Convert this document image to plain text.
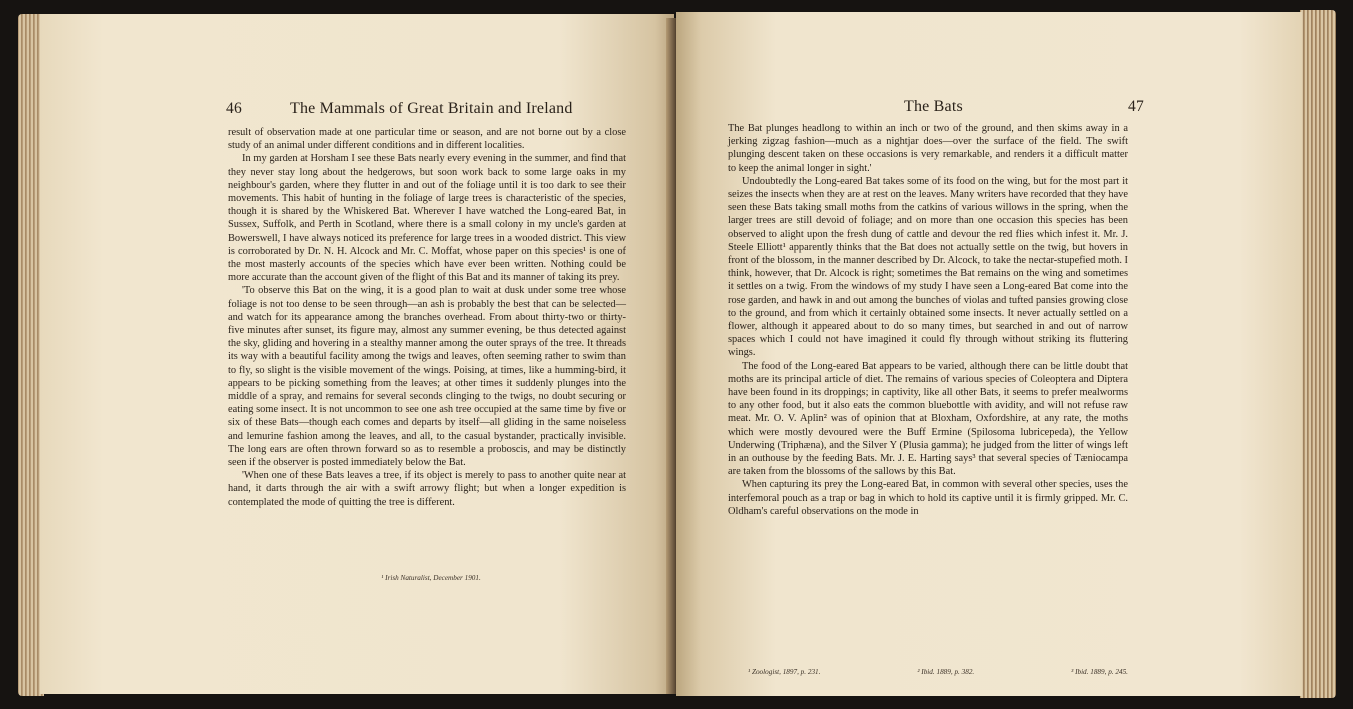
46	The Mammals of Great Britain and Ireland

result of observation made at one particular time or season, and are not borne out by a close study of an animal under different conditions and in different localities.

In my garden at Horsham I see these Bats nearly every evening in the summer, and find that they never stay long about the hedgerows, but soon work back to some large oaks in my neighbour's garden, where they flutter in and out of the foliage until it is too dark to see their movements. This habit of hunting in the foliage of large trees is characteristic of the species, though it is shared by the Whiskered Bat. Wherever I have watched the Long-eared Bat, in Sussex, Suffolk, and Perth in Scotland, where there is a small colony in my uncle's garden at Bowerswell, I have always noticed its preference for large trees in a wooded district. This view is corroborated by Dr. N. H. Alcock and Mr. C. Moffat, whose paper on this species¹ is one of the most masterly accounts of the species which have ever been written. Nothing could be more accurate than the account given of the flight of this Bat and its manner of taking its prey.

'To observe this Bat on the wing, it is a good plan to wait at dusk under some tree whose foliage is not too dense to be seen through—an ash is probably the best that can be selected—and watch for its appearance among the branches overhead. From about thirty-two or thirty-five minutes after sunset, its figure may, almost any summer evening, be thus detected against the sky, gliding and hovering in a stealthy manner among the outer sprays of the tree. It threads its way with a beautiful facility among the twigs and leaves, often seeming rather to swim than to fly, so slight is the visible movement of the wings. Poising, at times, like a humming-bird, it appears to be picking something from the leaves; at other times it suddenly plunges into the middle of a spray, and remains for several seconds clinging to the twigs, no doubt securing or eating some insect. It is not uncommon to see one ash tree occupied at the same time by five or six of these Bats—though each comes and departs by itself—all gliding in the same noiseless and lemurine fashion among the leaves, and all, to the casual bystander, practically invisible. The long ears are often thrown forward so as to resemble a proboscis, and may be distinctly seen if the observer is posted immediately below the Bat.

'When one of these Bats leaves a tree, if its object is merely to pass to another quite near at hand, it darts through the air with a swift arrowy flight; but when a longer expedition is contemplated the mode of quitting the tree is different.

¹ Irish Naturalist, December 1901.
The Bats	47

The Bat plunges headlong to within an inch or two of the ground, and then skims away in a jerking zigzag fashion—much as a nightjar does—over the surface of the field. The swift plunging descent taken on these occasions is very remarkable, and renders it a difficult matter to keep the animal longer in sight.'

Undoubtedly the Long-eared Bat takes some of its food on the wing, but for the most part it seizes the insects when they are at rest on the leaves. Many writers have recorded that they have seen these Bats taking small moths from the catkins of various willows in the spring, when the larger trees are still devoid of foliage; and on more than one occasion this species has been observed to alight upon the fresh dung of cattle and devour the red flies which infest it. Mr. J. Steele Elliott¹ apparently thinks that the Bat does not actually settle on the twig, but hovers in front of the blossom, in the manner described by Dr. Alcock, to take the nectar-stupefied moth. I think, however, that Dr. Alcock is right; sometimes the Bat remains on the wing and sometimes it settles on a twig. From the windows of my study I have seen a Long-eared Bat come into the rose garden, and hawk in and out among the bunches of violas and tufted pansies growing close to the ground, and from which it certainly obtained some insects. It never actually settled on a flower, although it appeared about to do so many times, but searched in and out of narrow spaces which I could not have imagined it could fly through without striking its fluttering wings.

The food of the Long-eared Bat appears to be varied, although there can be little doubt that moths are its principal article of diet. The remains of various species of Coleoptera and Diptera have been found in its droppings; in captivity, like all other Bats, it seems to prefer mealworms to any other food, but it also eats the common bluebottle with avidity, and will not refuse raw meat. Mr. O. V. Aplin² was of opinion that at Bloxham, Oxfordshire, at any rate, the moths which were mostly devoured were the Buff Ermine (Spilosoma lubricepeda), the Yellow Underwing (Triphæna), and the Silver Y (Plusia gamma); he judged from the litter of wings left in an outhouse by the feeding Bats. Mr. J. E. Harting says³ that several species of Tæniocampa are taken from the blossoms of the sallows by this Bat.

When capturing its prey the Long-eared Bat, in common with several other species, uses the interfemoral pouch as a trap or bag in which to hold its captive until it is firmly gripped. Mr. C. Oldham's careful observations on the mode in

¹ Zoologist, 1897, p. 231.	² Ibid. 1889, p. 382.	³ Ibid. 1889, p. 245.
